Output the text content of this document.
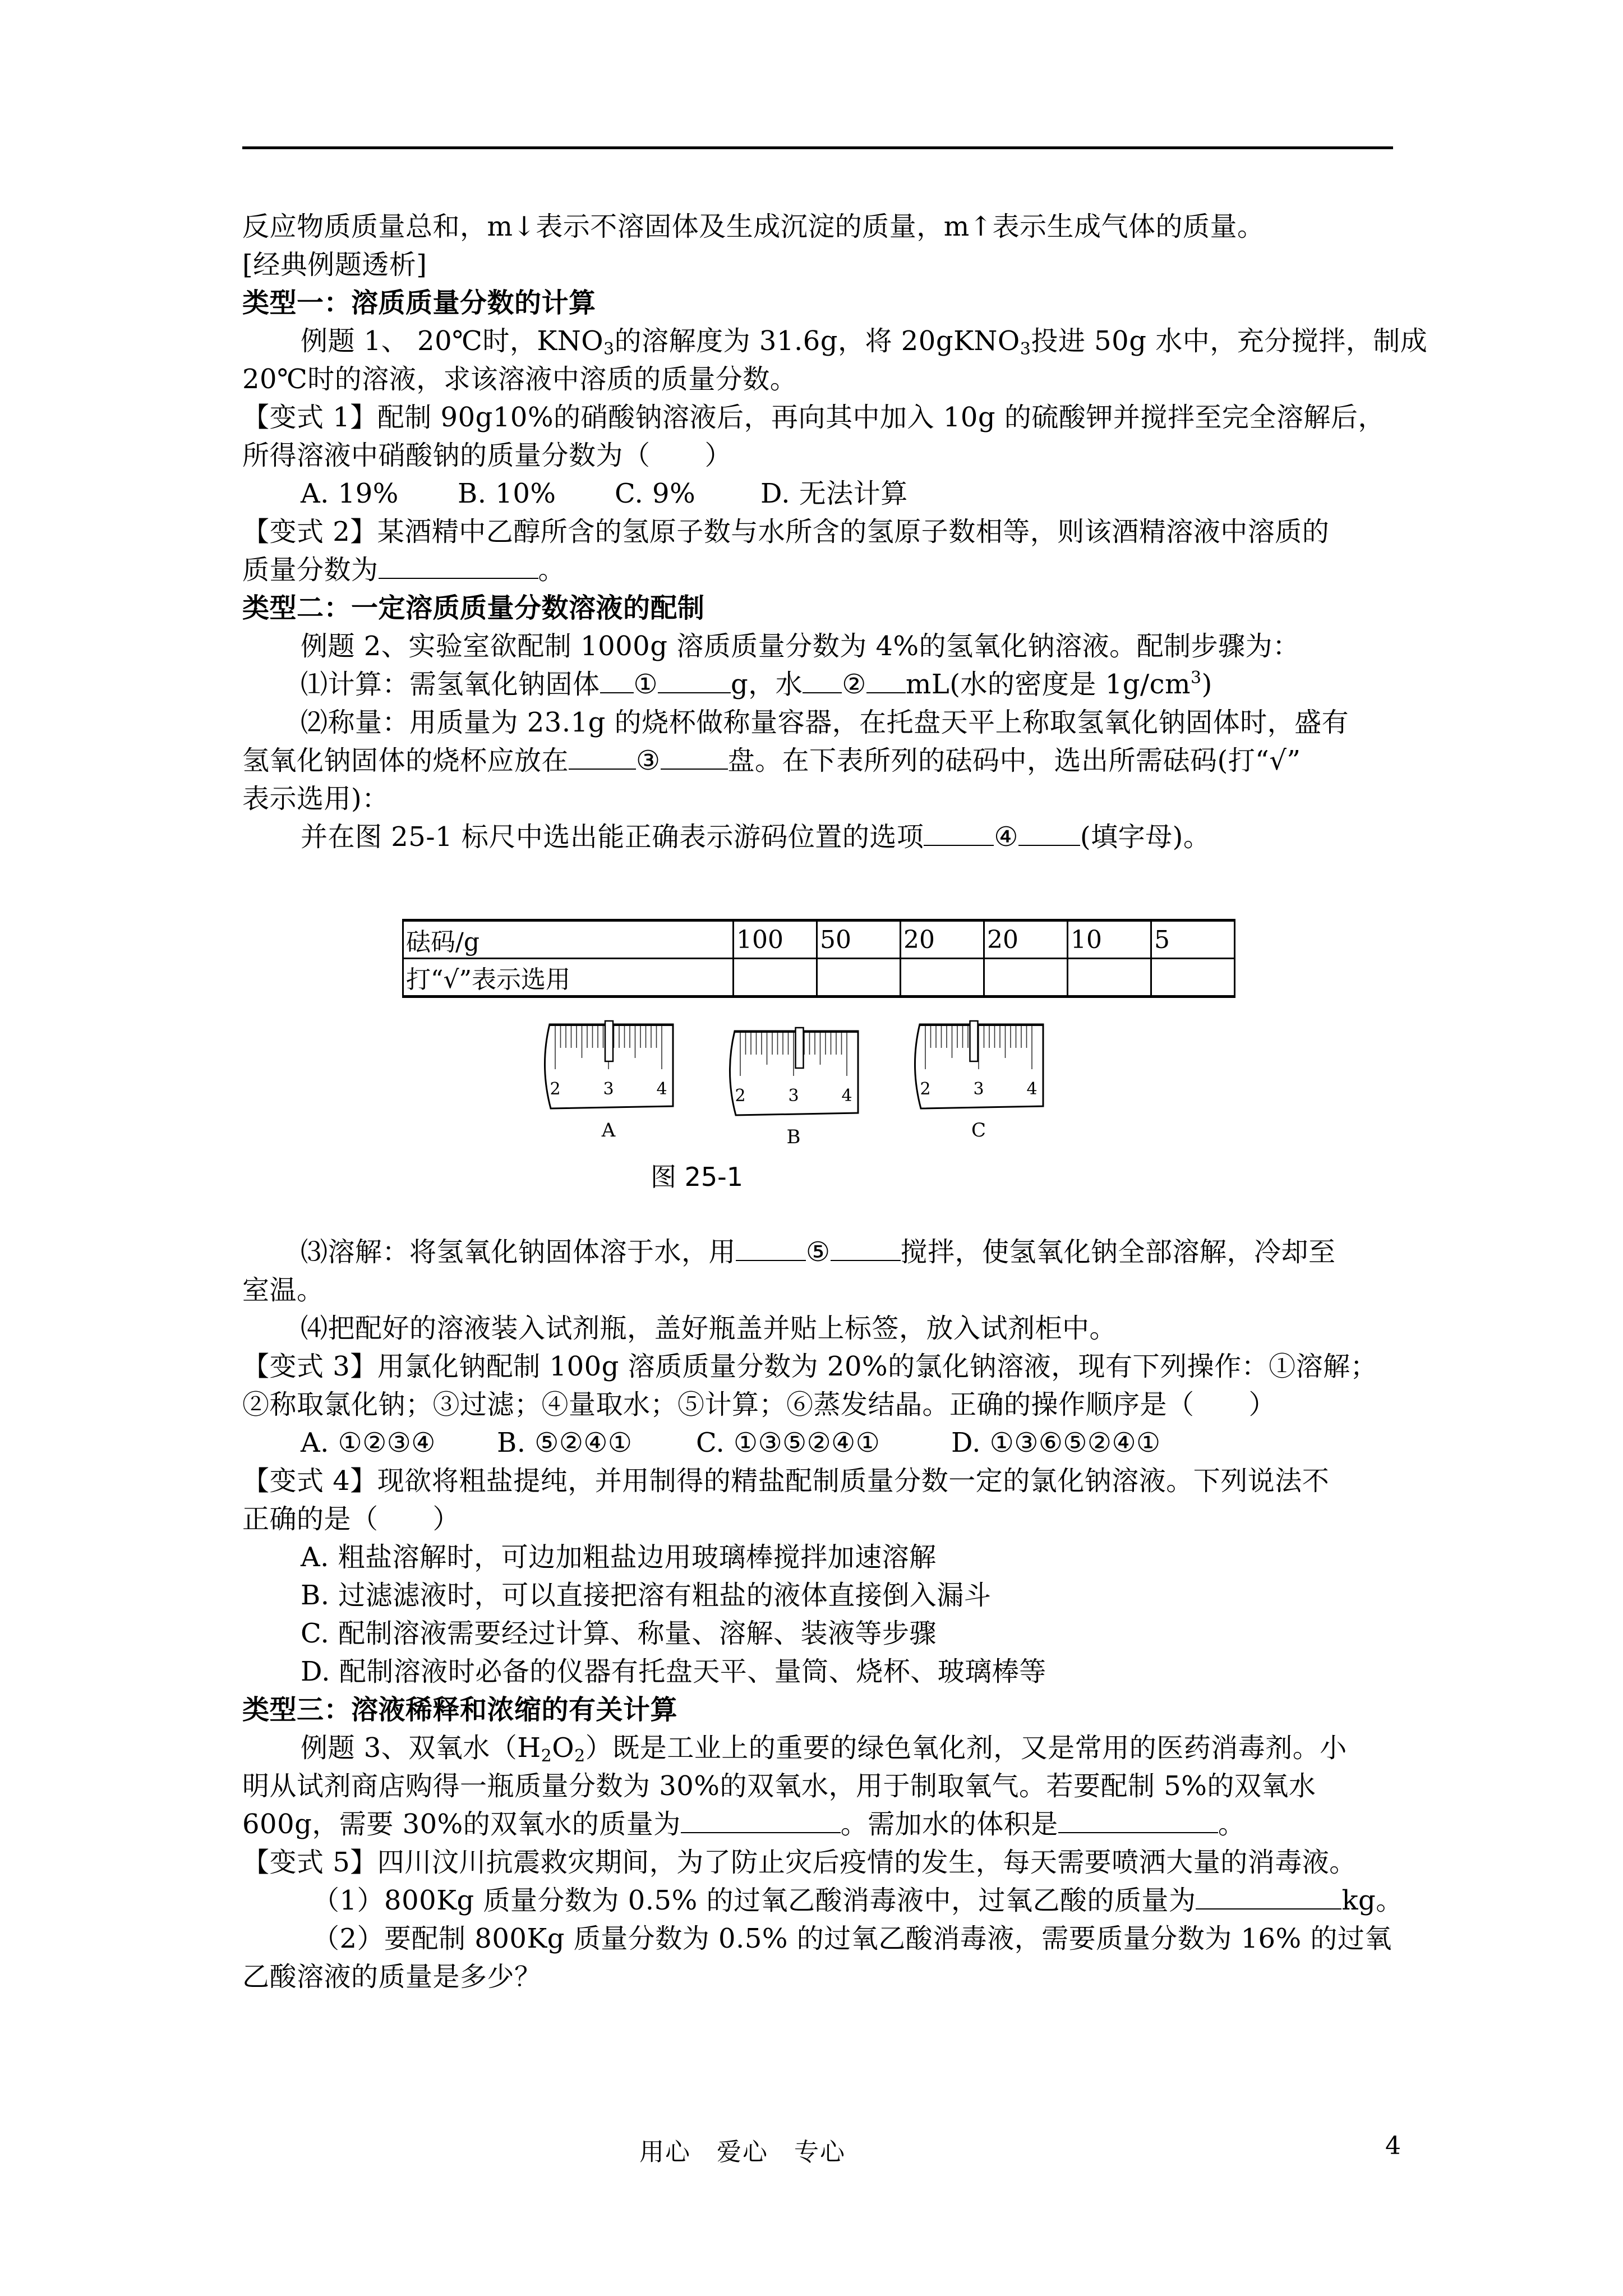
反应物质质量总和，m↓表示不溶固体及生成沉淀的质量，m↑表示生成气体的质量。
[经典例题透析]
类型一：溶质质量分数的计算
例题 1、 20℃时，$KNO_3$的溶解度为 31.6g，将 20gKNO$_3$投进 50g 水中，充分搅拌，制成
20℃时的溶液，求该溶液中溶质的质量分数。
【变式 1】配制 90g10%的硝酸钠溶液后，再向其中加入 10g 的硫酸钾并搅拌至完全溶解后，
所得溶液中硝酸钠的质量分数为（　　）
A. 19% B. 10% C. 9% D. 无法计算
【变式 2】某酒精中乙醇所含的氢原子数与水所含的氢原子数相等，则该酒精溶液中溶质的
质量分数为	。
类型二：一定溶质质量分数溶液的配制
例题 2、实验室欲配制 1000g 溶质质量分数为 4%的氢氧化钠溶液。配制步骤为：
⑴计算：需氢氧化钠固体 ①	g，水 ② mL(水的密度是 $1g/cm^3$)
⑵称量：用质量为 23.1g 的烧杯做称量容器，在托盘天平上称取氢氧化钠固体时，盛有
氢氧化钠固体的烧杯应放在	③	盘。在下表所列的砝码中，选出所需砝码(打“√”
表示选用)：
并在图 25-1 标尺中选出能正确表示游码位置的选项	④ (填字母)。
砝码/g	100	50	20	20	10	5
打“√”表示选用						
2	3	4
A
2	3	4
B
2	3	4
C
图 25-1
⑶溶解：将氢氧化钠固体溶于水，用	⑤	搅拌，使氢氧化钠全部溶解，冷却至
室温。
⑷把配好的溶液装入试剂瓶，盖好瓶盖并贴上标签，放入试剂柜中。
【变式 3】用氯化钠配制 100g 溶质质量分数为 20%的氯化钠溶液，现有下列操作：①溶解；
②称取氯化钠；③过滤；④量取水；⑤计算；⑥蒸发结晶。正确的操作顺序是（　　）
A. ①②③④ B. ⑤②④① C. ①③⑤②④①	D. ①③⑥⑤②④①
【变式 4】现欲将粗盐提纯，并用制得的精盐配制质量分数一定的氯化钠溶液。下列说法不
正确的是（　　）
A. 粗盐溶解时，可边加粗盐边用玻璃棒搅拌加速溶解
B. 过滤滤液时，可以直接把溶有粗盐的液体直接倒入漏斗
C. 配制溶液需要经过计算、称量、溶解、装液等步骤
D. 配制溶液时必备的仪器有托盘天平、量筒、烧杯、玻璃棒等
类型三：溶液稀释和浓缩的有关计算
例题 3、双氧水$(H_2O_2)$既是工业上的重要的绿色氧化剂，又是常用的医药消毒剂。小
明从试剂商店购得一瓶质量分数为 30%的双氧水，用于制取氧气。若要配制 5%的双氧水
600g，需要 30%的双氧水的质量为	。需加水的体积是	。
【变式 5】四川汶川抗震救灾期间，为了防止灾后疫情的发生，每天需要喷洒大量的消毒液。
（1）800Kg 质量分数为 0.5% 的过氧乙酸消毒液中，过氧乙酸的质量为	kg。
（2）要配制 800Kg 质量分数为 0.5% 的过氧乙酸消毒液，需要质量分数为 16% 的过氧
乙酸溶液的质量是多少？
用心　爱心　专心	4
